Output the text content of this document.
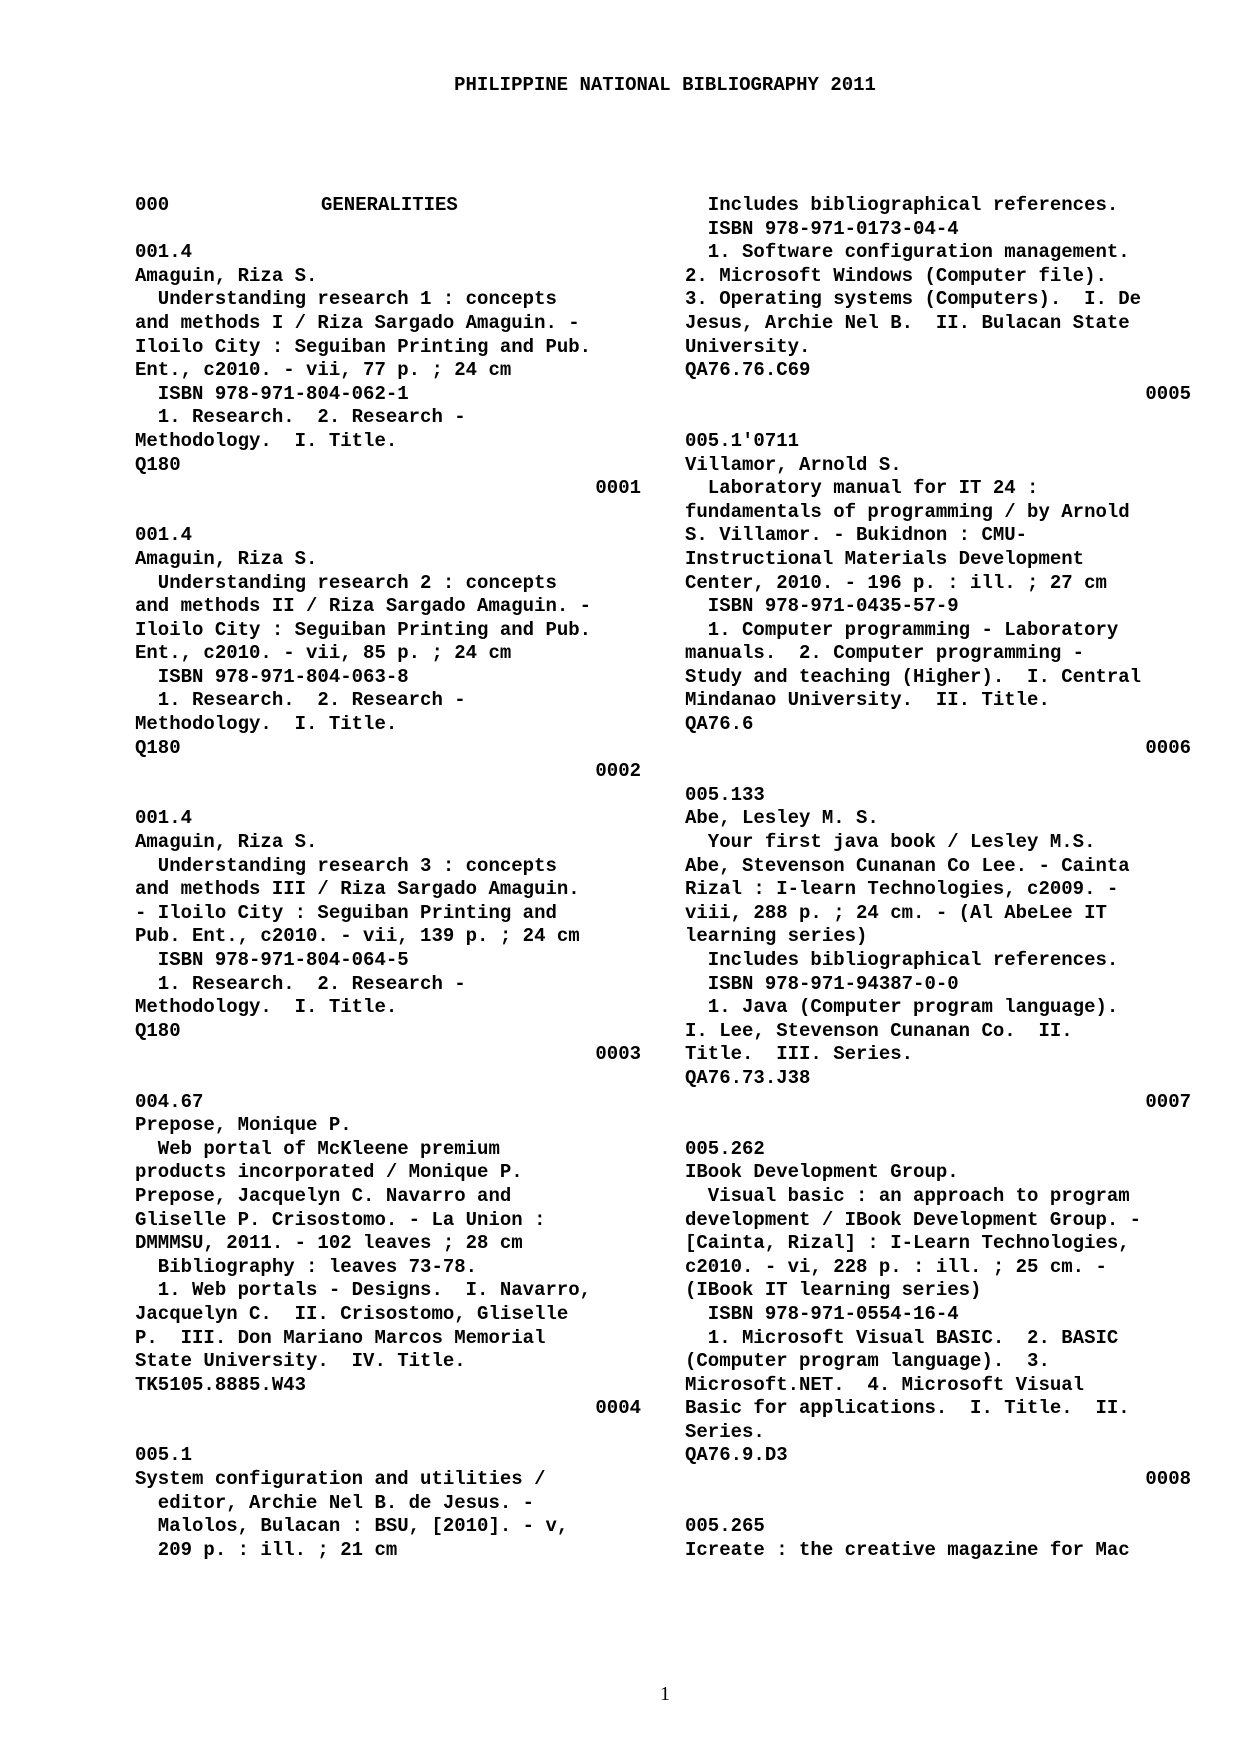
PHILIPPINE NATIONAL BIBLIOGRAPHY 2011
000	GENERALITIES
001.4
Amaguin, Riza S.
Understanding research 1 : concepts
and methods I / Riza Sargado Amaguin. -
Iloilo City : Seguiban Printing and Pub.
Ent., c2010. - vii, 77 p. ; 24 cm
ISBN 978-971-804-062-1
1. Research.  2. Research -
Methodology.  I. Title.
Q180
0001
001.4
Amaguin, Riza S.
Understanding research 2 : concepts
and methods II / Riza Sargado Amaguin. -
Iloilo City : Seguiban Printing and Pub.
Ent., c2010. - vii, 85 p. ; 24 cm
ISBN 978-971-804-063-8
1. Research.  2. Research -
Methodology.  I. Title.
Q180
0002
001.4
Amaguin, Riza S.
Understanding research 3 : concepts
and methods III / Riza Sargado Amaguin.
- Iloilo City : Seguiban Printing and
Pub. Ent., c2010. - vii, 139 p. ; 24 cm
ISBN 978-971-804-064-5
1. Research.  2. Research -
Methodology.  I. Title.
Q180
0003
004.67
Prepose, Monique P.
Web portal of McKleene premium
products incorporated / Monique P.
Prepose, Jacquelyn C. Navarro and
Gliselle P. Crisostomo. - La Union :
DMMMSU, 2011. - 102 leaves ; 28 cm
Bibliography : leaves 73-78.
1. Web portals - Designs.  I. Navarro,
Jacquelyn C.  II. Crisostomo, Gliselle
P.  III. Don Mariano Marcos Memorial
State University.  IV. Title.
TK5105.8885.W43
0004
005.1
System configuration and utilities /
editor, Archie Nel B. de Jesus. -
Malolos, Bulacan : BSU, [2010]. - v,
209 p. : ill. ; 21 cm
Includes bibliographical references.
ISBN 978-971-0173-04-4
1. Software configuration management.
2. Microsoft Windows (Computer file).
3. Operating systems (Computers).  I. De
Jesus, Archie Nel B.  II. Bulacan State
University.
QA76.76.C69
0005
005.1'0711
Villamor, Arnold S.
Laboratory manual for IT 24 :
fundamentals of programming / by Arnold
S. Villamor. - Bukidnon : CMU-
Instructional Materials Development
Center, 2010. - 196 p. : ill. ; 27 cm
ISBN 978-971-0435-57-9
1. Computer programming - Laboratory
manuals.  2. Computer programming -
Study and teaching (Higher).  I. Central
Mindanao University.  II. Title.
QA76.6
0006
005.133
Abe, Lesley M. S.
Your first java book / Lesley M.S.
Abe, Stevenson Cunanan Co Lee. - Cainta
Rizal : I-learn Technologies, c2009. -
viii, 288 p. ; 24 cm. - (Al AbeLee IT
learning series)
Includes bibliographical references.
ISBN 978-971-94387-0-0
1. Java (Computer program language).
I. Lee, Stevenson Cunanan Co.  II.
Title.  III. Series.
QA76.73.J38
0007
005.262
IBook Development Group.
Visual basic : an approach to program
development / IBook Development Group. -
[Cainta, Rizal] : I-Learn Technologies,
c2010. - vi, 228 p. : ill. ; 25 cm. -
(IBook IT learning series)
ISBN 978-971-0554-16-4
1. Microsoft Visual BASIC.  2. BASIC
(Computer program language).  3.
Microsoft.NET.  4. Microsoft Visual
Basic for applications.  I. Title.  II.
Series.
QA76.9.D3
0008
005.265
Icreate : the creative magazine for Mac
1
